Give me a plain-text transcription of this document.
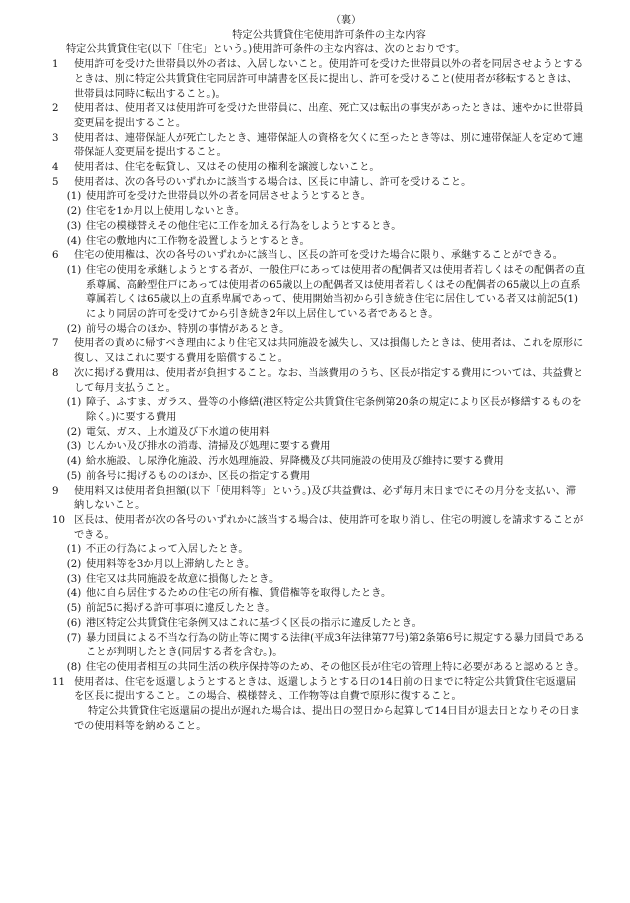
（裏）

特定公共賃貸住宅使用許可条件の主な内容

特定公共賃貸住宅(以下「住宅」という。)使用許可条件の主な内容は、次のとおりです。

1 使用許可を受けた世帯員以外の者は、入居しないこと。使用許可を受けた世帯員以外の者を同居させようとするときは、別に特定公共賃貸住宅同居許可申請書を区長に提出し、許可を受けること(使用者が移転するときは、世帯員は同時に転出すること。)。

2 使用者は、使用者又は使用許可を受けた世帯員に、出産、死亡又は転出の事実があったときは、速やかに世帯員変更届を提出すること。

3 使用者は、連帯保証人が死亡したとき、連帯保証人の資格を欠くに至ったとき等は、別に連帯保証人を定めて連帯保証人変更届を提出すること。

4 使用者は、住宅を転貸し、又はその使用の権利を譲渡しないこと。

5 使用者は、次の各号のいずれかに該当する場合は、区長に申請し、許可を受けること。

(1) 使用許可を受けた世帯員以外の者を同居させようとするとき。

(2) 住宅を1か月以上使用しないとき。

(3) 住宅の模様替えその他住宅に工作を加える行為をしようとするとき。

(4) 住宅の敷地内に工作物を設置しようとするとき。

6 住宅の使用権は、次の各号のいずれかに該当し、区長の許可を受けた場合に限り、承継することができる。

(1) 住宅の使用を承継しようとする者が、一般住戸にあっては使用者の配偶者又は使用者若しくはその配偶者の直系尊属、高齢型住戸にあっては使用者の65歳以上の配偶者又は使用者若しくはその配偶者の65歳以上の直系尊属若しくは65歳以上の直系卑属であって、使用開始当初から引き続き住宅に居住している者又は前記5(1)により同居の許可を受けてから引き続き2年以上居住している者であるとき。

(2) 前号の場合のほか、特別の事情があるとき。

7 使用者の責めに帰すべき理由により住宅又は共同施設を滅失し、又は損傷したときは、使用者は、これを原形に復し、又はこれに要する費用を賠償すること。

8 次に掲げる費用は、使用者が負担すること。なお、当該費用のうち、区長が指定する費用については、共益費として毎月支払うこと。

(1) 障子、ふすま、ガラス、畳等の小修繕(港区特定公共賃貸住宅条例第20条の規定により区長が修繕するものを除く。)に要する費用

(2) 電気、ガス、上水道及び下水道の使用料

(3) じんかい及び排水の消毒、清掃及び処理に要する費用

(4) 給水施設、し尿浄化施設、汚水処理施設、昇降機及び共同施設の使用及び維持に要する費用

(5) 前各号に掲げるもののほか、区長の指定する費用

9 使用料又は使用者負担額(以下「使用料等」という。)及び共益費は、必ず毎月末日までにその月分を支払い、滞納しないこと。

10 区長は、使用者が次の各号のいずれかに該当する場合は、使用許可を取り消し、住宅の明渡しを請求することができる。

(1) 不正の行為によって入居したとき。

(2) 使用料等を3か月以上滞納したとき。

(3) 住宅又は共同施設を故意に損傷したとき。

(4) 他に自ら居住するための住宅の所有権、賃借権等を取得したとき。

(5) 前記5に掲げる許可事項に違反したとき。

(6) 港区特定公共賃貸住宅条例又はこれに基づく区長の指示に違反したとき。

(7) 暴力団員による不当な行為の防止等に関する法律(平成3年法律第77号)第2条第6号に規定する暴力団員であることが判明したとき(同居する者を含む。)。

(8) 住宅の使用者相互の共同生活の秩序保持等のため、その他区長が住宅の管理上特に必要があると認めるとき。

11 使用者は、住宅を返還しようとするときは、返還しようとする日の14日前の日までに特定公共賃貸住宅返還届を区長に提出すること。この場合、模様替え、工作物等は自費で原形に復すること。

特定公共賃貸住宅返還届の提出が遅れた場合は、提出日の翌日から起算して14日目が退去日となりその日までの使用料等を納めること。
